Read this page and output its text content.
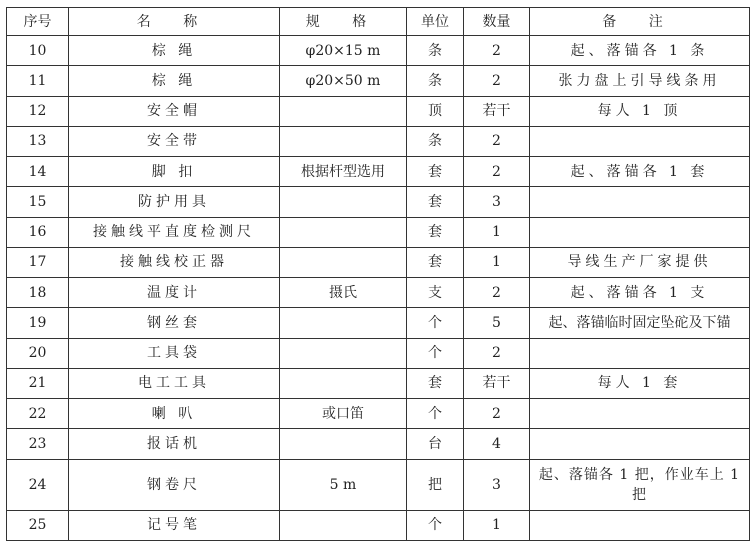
序号	名 称	规 格	单位	数量	备 注
10	棕 绳	φ20×15 m	条	2	起、落锚各 1 条
11	棕 绳	φ20×50 m	条	2	张力盘上引导线条用
12	安全帽		顶	若干	每人 1 顶
13	安全带		条	2	
14	脚 扣	根据杆型选用	套	2	起、落锚各 1 套
15	防护用具		套	3	
16	接触线平直度检测尺		套	1	
17	接触线校正器		套	1	导线生产厂家提供
18	温度计	摄氏	支	2	起、落锚各 1 支
19	钢丝套		个	5	起、落锚临时固定坠砣及下锚
20	工具袋		个	2	
21	电工工具		套	若干	每人 1 套
22	喇 叭	或口笛	个	2	
23	报话机		台	4	
24	钢卷尺	5 m	把	3	起、落锚各 1 把，作业车上 1 把
25	记号笔		个	1	
